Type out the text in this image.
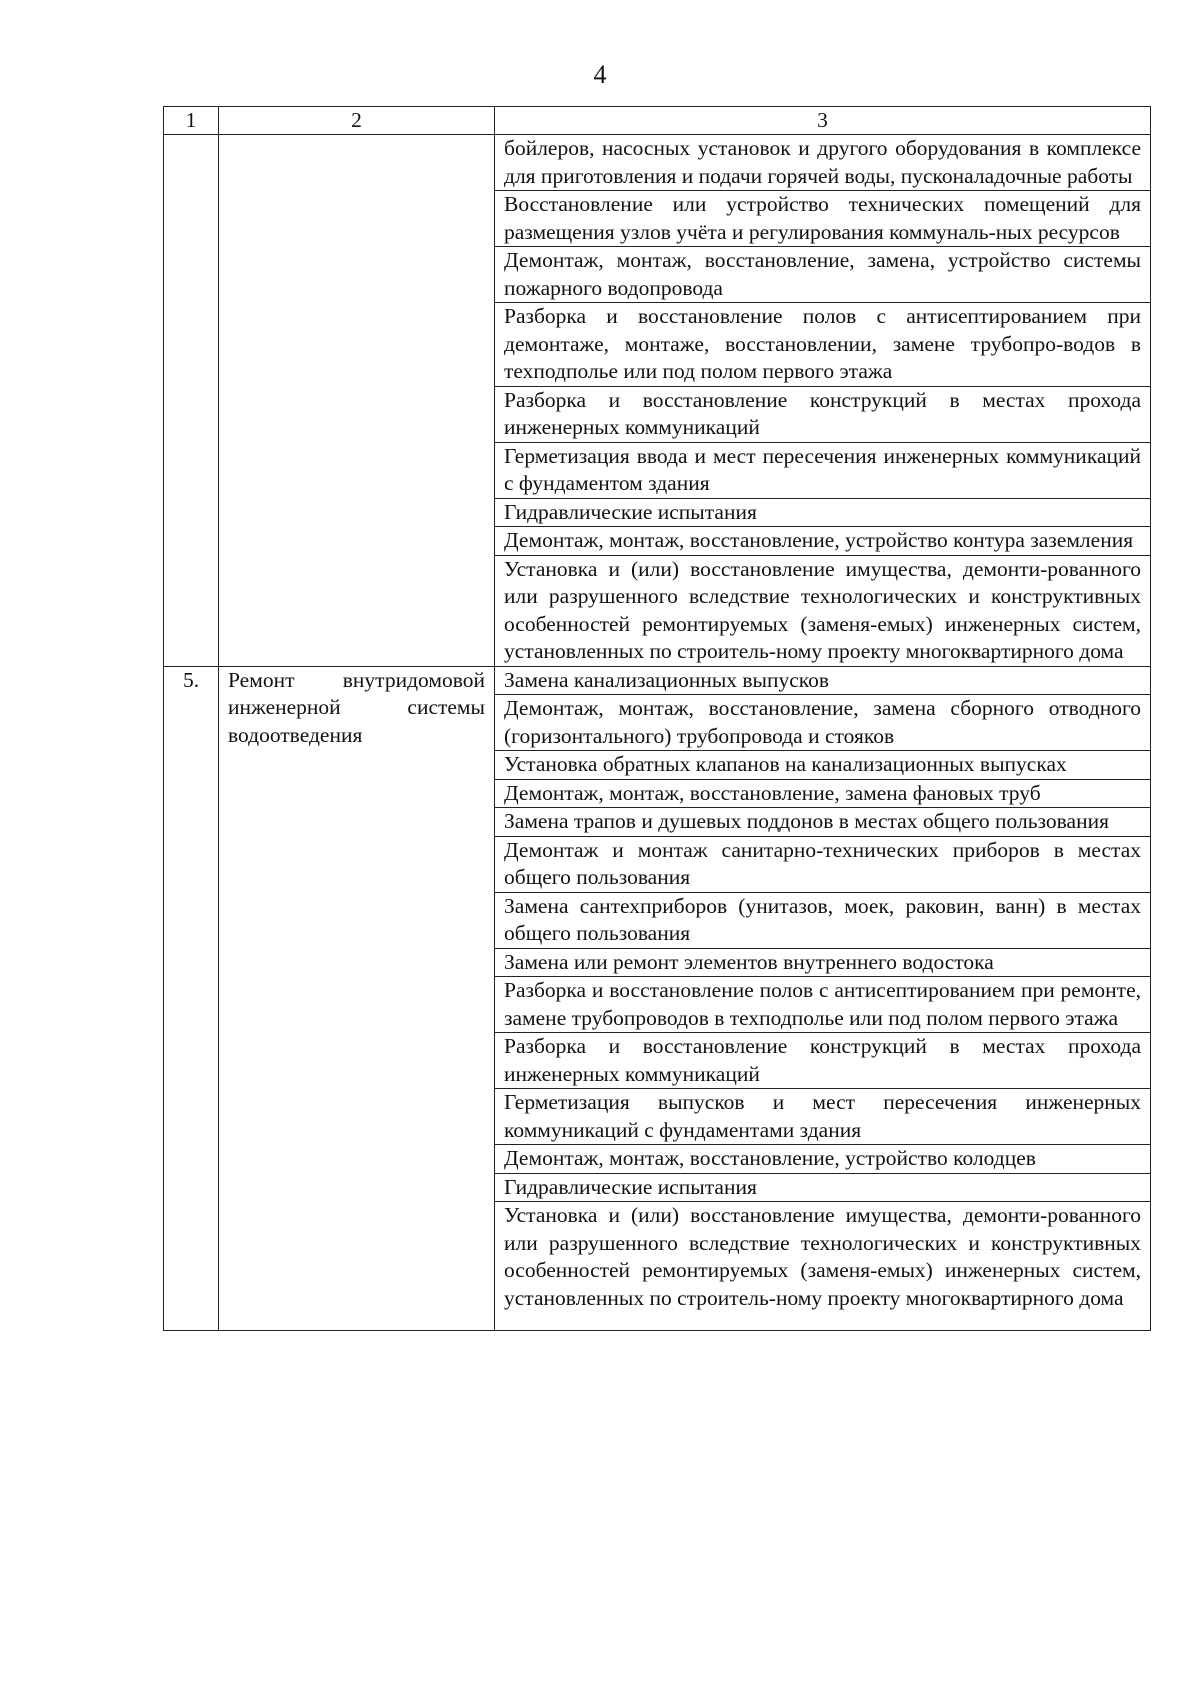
4
1	2	3
		бойлеров, насосных установок и другого оборудования в комплексе для приготовления и подачи горячей воды, пусконаладочные работы
		Восстановление или устройство технических помещений для размещения узлов учёта и регулирования коммуналь-ных ресурсов
		Демонтаж, монтаж, восстановление, замена, устройство системы пожарного водопровода
		Разборка и восстановление полов с антисептированием при демонтаже, монтаже, восстановлении, замене трубопро-водов в техподполье или под полом первого этажа
		Разборка и восстановление конструкций в местах прохода инженерных коммуникаций
		Герметизация ввода и мест пересечения инженерных коммуникаций с фундаментом здания
		Гидравлические испытания
		Демонтаж, монтаж, восстановление, устройство контура заземления
		Установка и (или) восстановление имущества, демонти-рованного или разрушенного вследствие технологических и конструктивных особенностей ремонтируемых (заменя-емых) инженерных систем, установленных по строитель-ному проекту многоквартирного дома
5.	Ремонт внутридомовой инженерной системы водоотведения	Замена канализационных выпусков
		Демонтаж, монтаж, восстановление, замена сборного отводного (горизонтального) трубопровода и стояков
		Установка обратных клапанов на канализационных выпусках
		Демонтаж, монтаж, восстановление, замена фановых труб
		Замена трапов и душевых поддонов в местах общего пользования
		Демонтаж и монтаж санитарно-технических приборов в местах общего пользования
		Замена сантехприборов (унитазов, моек, раковин, ванн) в местах общего пользования
		Замена или ремонт элементов внутреннего водостока
		Разборка и восстановление полов с антисептированием при ремонте, замене трубопроводов в техподполье или под полом первого этажа
		Разборка и восстановление конструкций в местах прохода инженерных коммуникаций
		Герметизация выпусков и мест пересечения инженерных коммуникаций с фундаментами здания
		Демонтаж, монтаж, восстановление, устройство колодцев
		Гидравлические испытания
		Установка и (или) восстановление имущества, демонти-рованного или разрушенного вследствие технологических и конструктивных особенностей ремонтируемых (заменя-емых) инженерных систем, установленных по строитель-ному проекту многоквартирного дома
